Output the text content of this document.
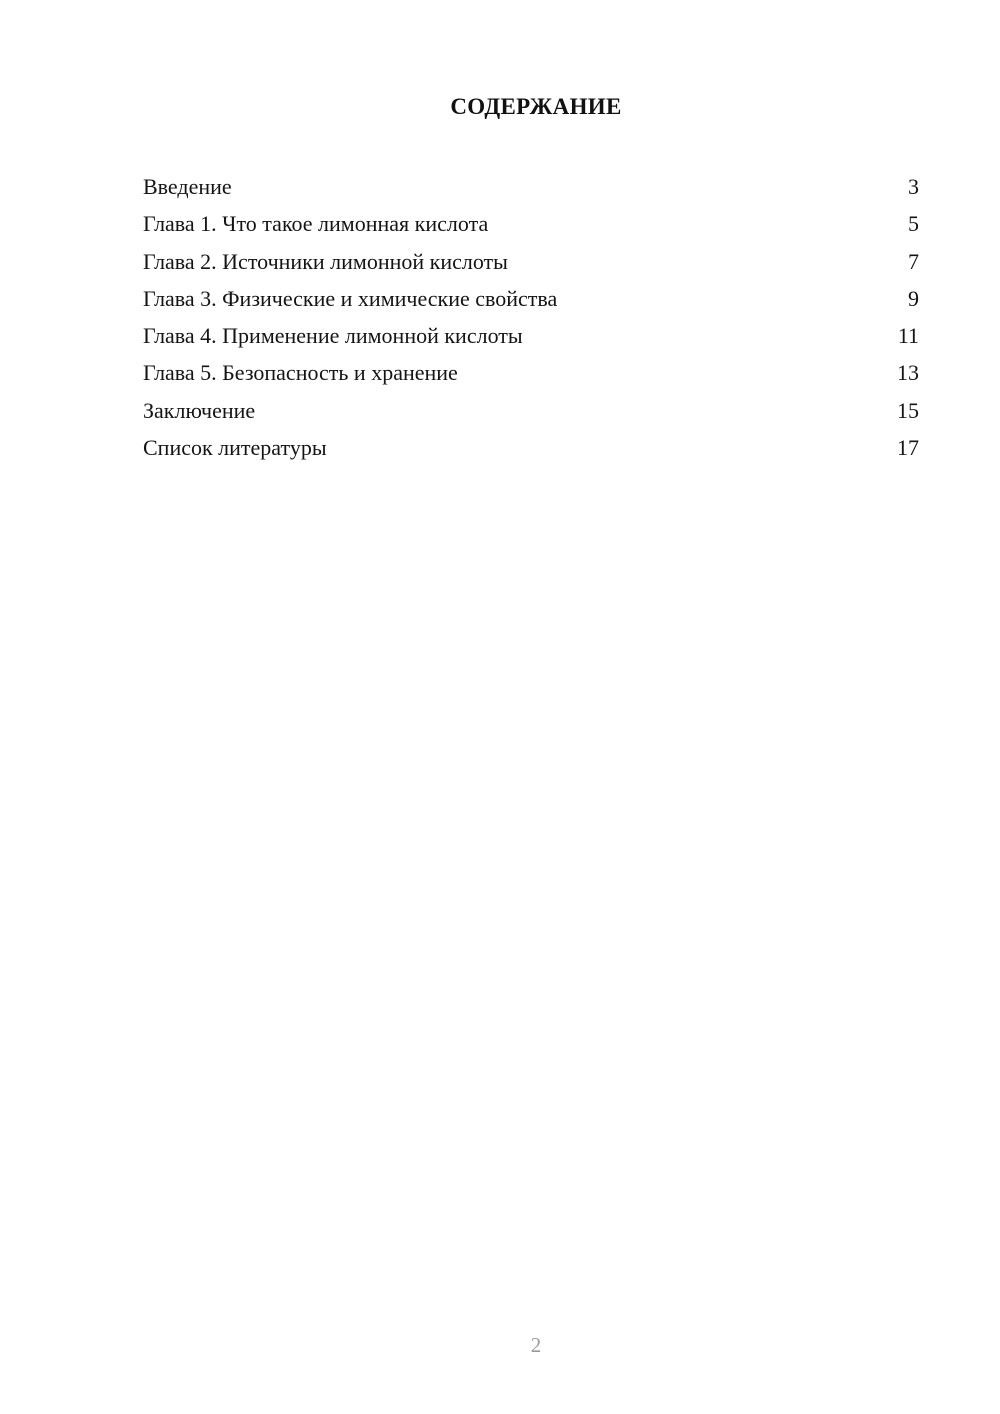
СОДЕРЖАНИЕ
Введение	3
Глава 1. Что такое лимонная кислота	5
Глава 2. Источники лимонной кислоты	7
Глава 3. Физические и химические свойства	9
Глава 4. Применение лимонной кислоты	11
Глава 5. Безопасность и хранение	13
Заключение	15
Список литературы	17
2
